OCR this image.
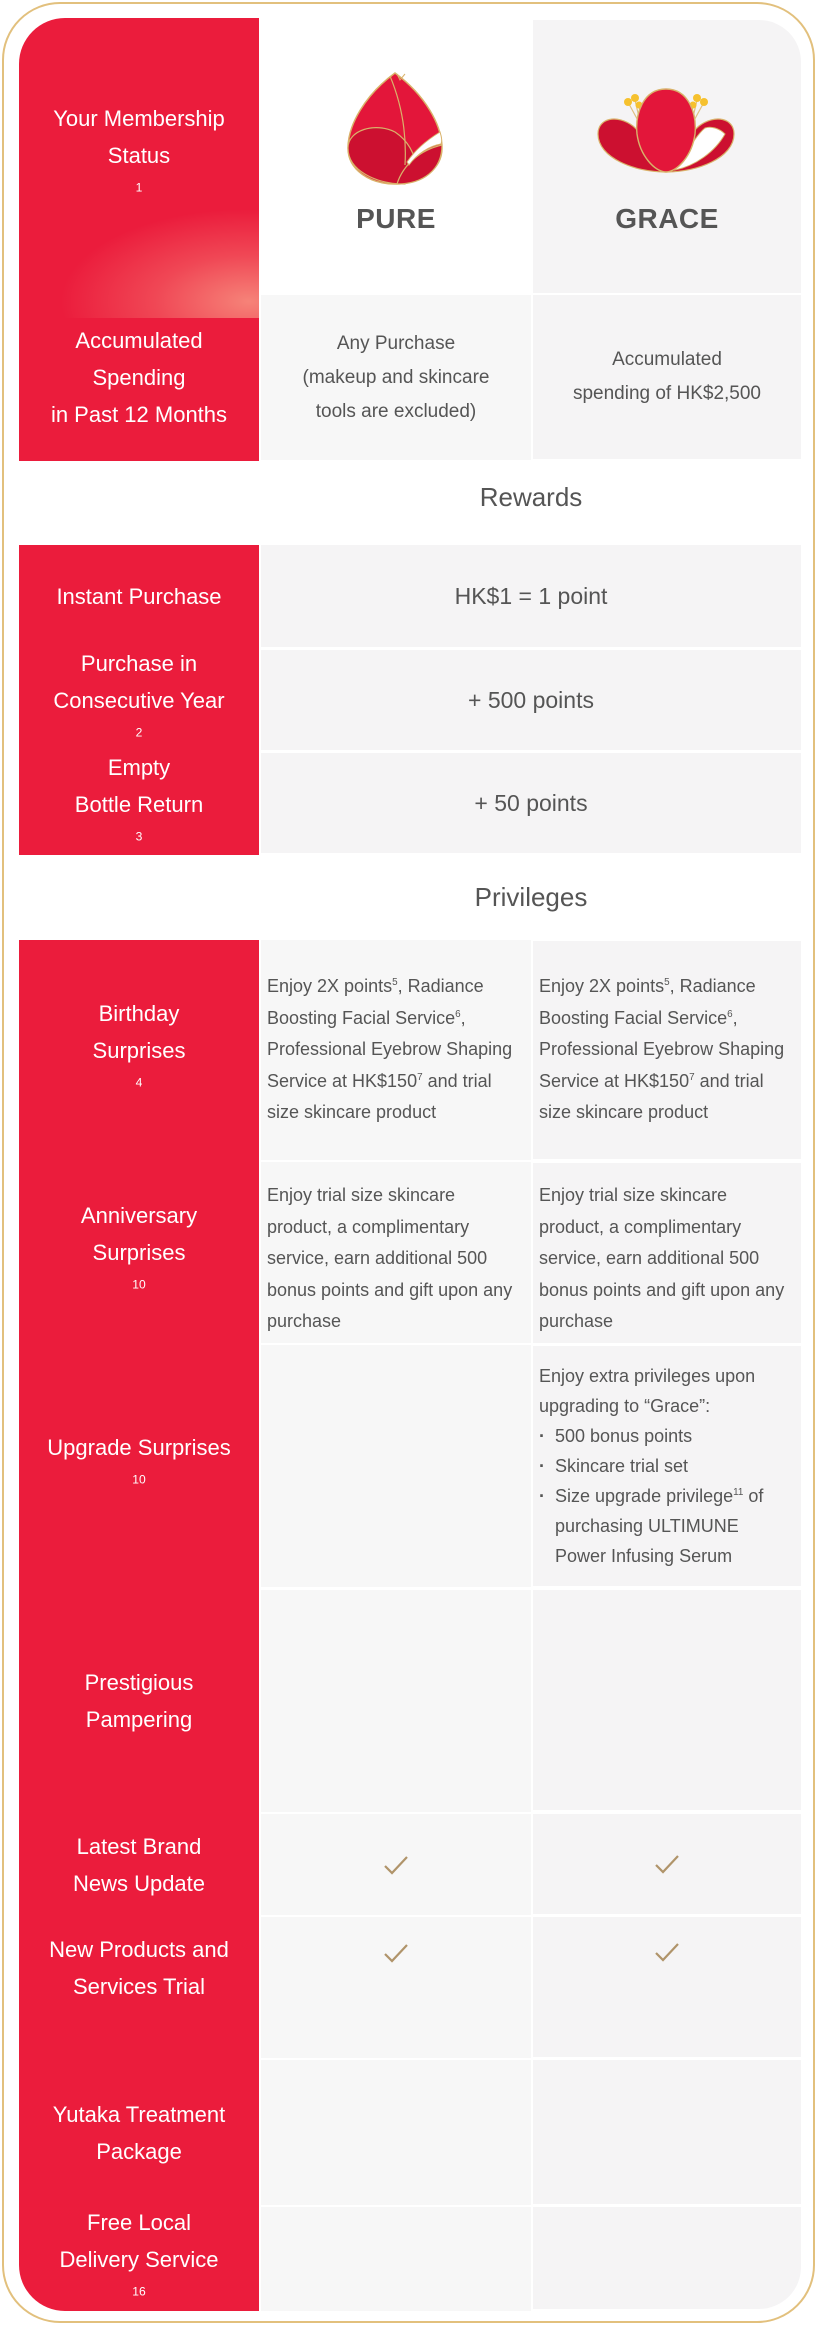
Your Membership
Status
$^1$
PURE	GRACE
Accumulated
Spending
in Past 12 Months
Any Purchase
(makeup and skincare
tools are excluded)
Accumulated
spending of HK$2,500
Rewards
Instant Purchase	HK$1 = 1 point
Purchase in
Consecutive Year
$^2$
+ 500 points
Empty
Bottle Return
$^3$
+ 50 points
Privileges
Birthday
Surprises
$^4$
Enjoy 2X points$^5$, Radiance Boosting Facial Service$^6$, Professional Eyebrow Shaping Service at $HK\$150^7$ and trial size skincare product
Enjoy 2X points$^5$, Radiance Boosting Facial Service$^6$, Professional Eyebrow Shaping Service at $HK\$150^7$ and trial size skincare product
Anniversary
Surprises
$^{10}$
Enjoy trial size skincare product, a complimentary service, earn additional 500 bonus points and gift upon any purchase
Enjoy trial size skincare product, a complimentary service, earn additional 500 bonus points and gift upon any purchase
Upgrade Surprises
$^{10}$
Enjoy extra privileges upon upgrading to “Grace”:
· 500 bonus points
· Skincare trial set
· Size upgrade privilege$^{11}$ of purchasing ULTIMUNE Power Infusing Serum
Prestigious
Pampering
Latest Brand
News Update
New Products and
Services Trial
Yutaka Treatment
Package
Free Local
Delivery Service
$^{16}$
